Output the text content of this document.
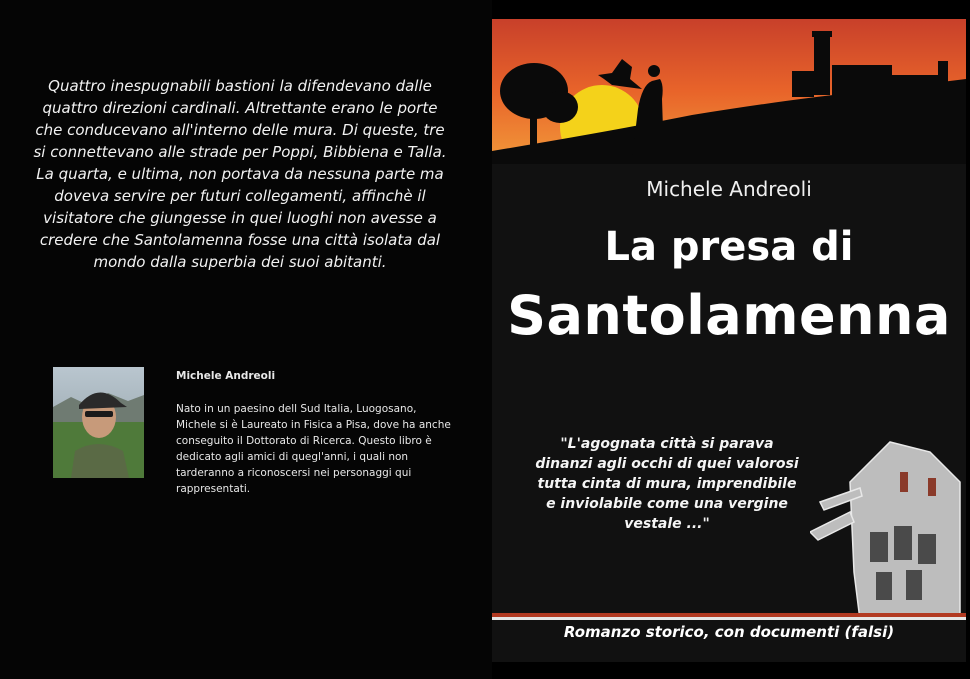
Quattro inespugnabili bastioni la difendevano dalle quattro direzioni cardinali. Altrettante erano le porte che conducevano all'interno delle mura. Di queste, tre si connettevano alle strade per Poppi, Bibbiena e Talla. La quarta, e ultima, non portava da nessuna parte ma doveva servire per futuri collegamenti, affinchè il visitatore che giungesse in quei luoghi non avesse a credere che Santolamenna fosse una città isolata dal mondo dalla superbia dei suoi abitanti.

Michele Andreoli

Nato in un paesino dell Sud Italia, Luogosano, Michele si è Laureato in Fisica a Pisa, dove ha anche conseguito il Dottorato di Ricerca. Questo libro è dedicato agli amici di quegl'anni, i quali non tarderanno a riconoscersi nei personaggi qui rappresentati.

Michele Andreoli

La presa di
Santolamenna

"L'agognata città si parava dinanzi agli occhi di quei valorosi tutta cinta di mura, imprendibile e inviolabile come una vergine vestale ..."

Romanzo storico, con documenti (falsi)
